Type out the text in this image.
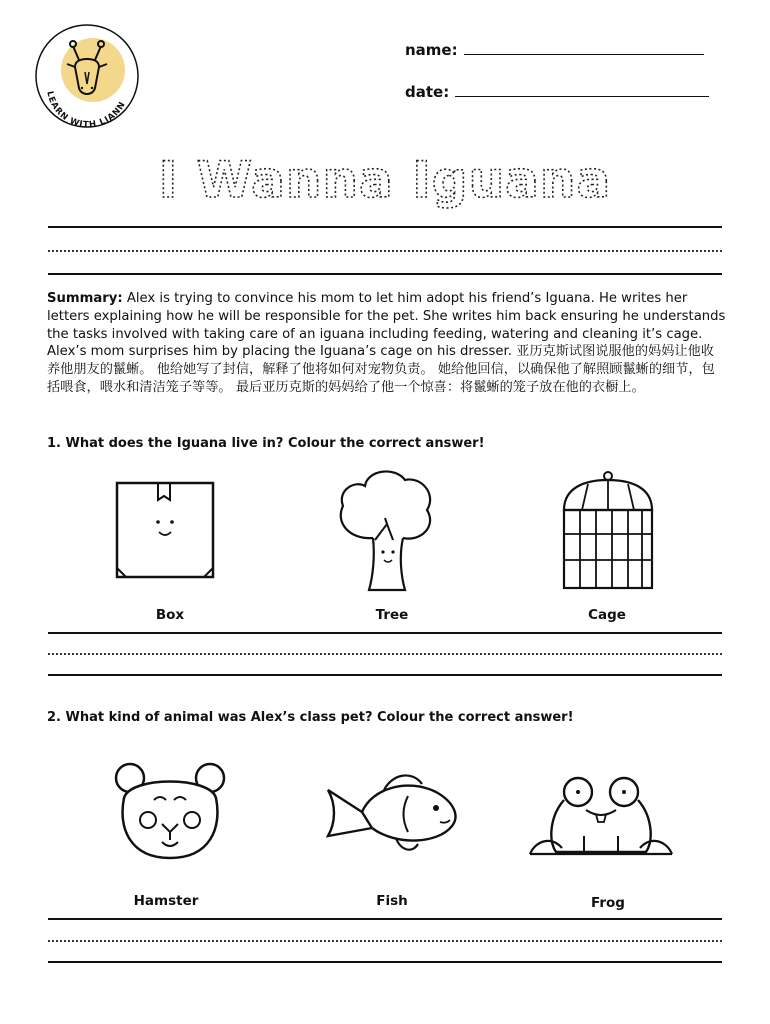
LEARN WITH LIANN
name:
date:
I Wanna Iguana
Summary: Alex is trying to convince his mom to let him adopt his friend’s Iguana. He writes her letters explaining how he will be responsible for the pet. She writes him back ensuring he understands the tasks involved with taking care of an iguana including feeding, watering and cleaning it’s cage. Alex’s mom surprises him by placing the Iguana’s cage on his dresser. 亚历克斯试图说服他的妈妈让他收养他朋友的鬣蜥。 他给她写了封信，解释了他将如何对宠物负责。 她给他回信，以确保他了解照顾鬣蜥的细节，包括喂食，喂水和清洁笼子等等。 最后亚历克斯的妈妈给了他一个惊喜：将鬣蜥的笼子放在他的衣橱上。
1. What does the Iguana live in? Colour the correct answer!
Box	Tree	Cage
2. What kind of animal was Alex’s class pet? Colour the correct answer!
Hamster	Fish	Frog
